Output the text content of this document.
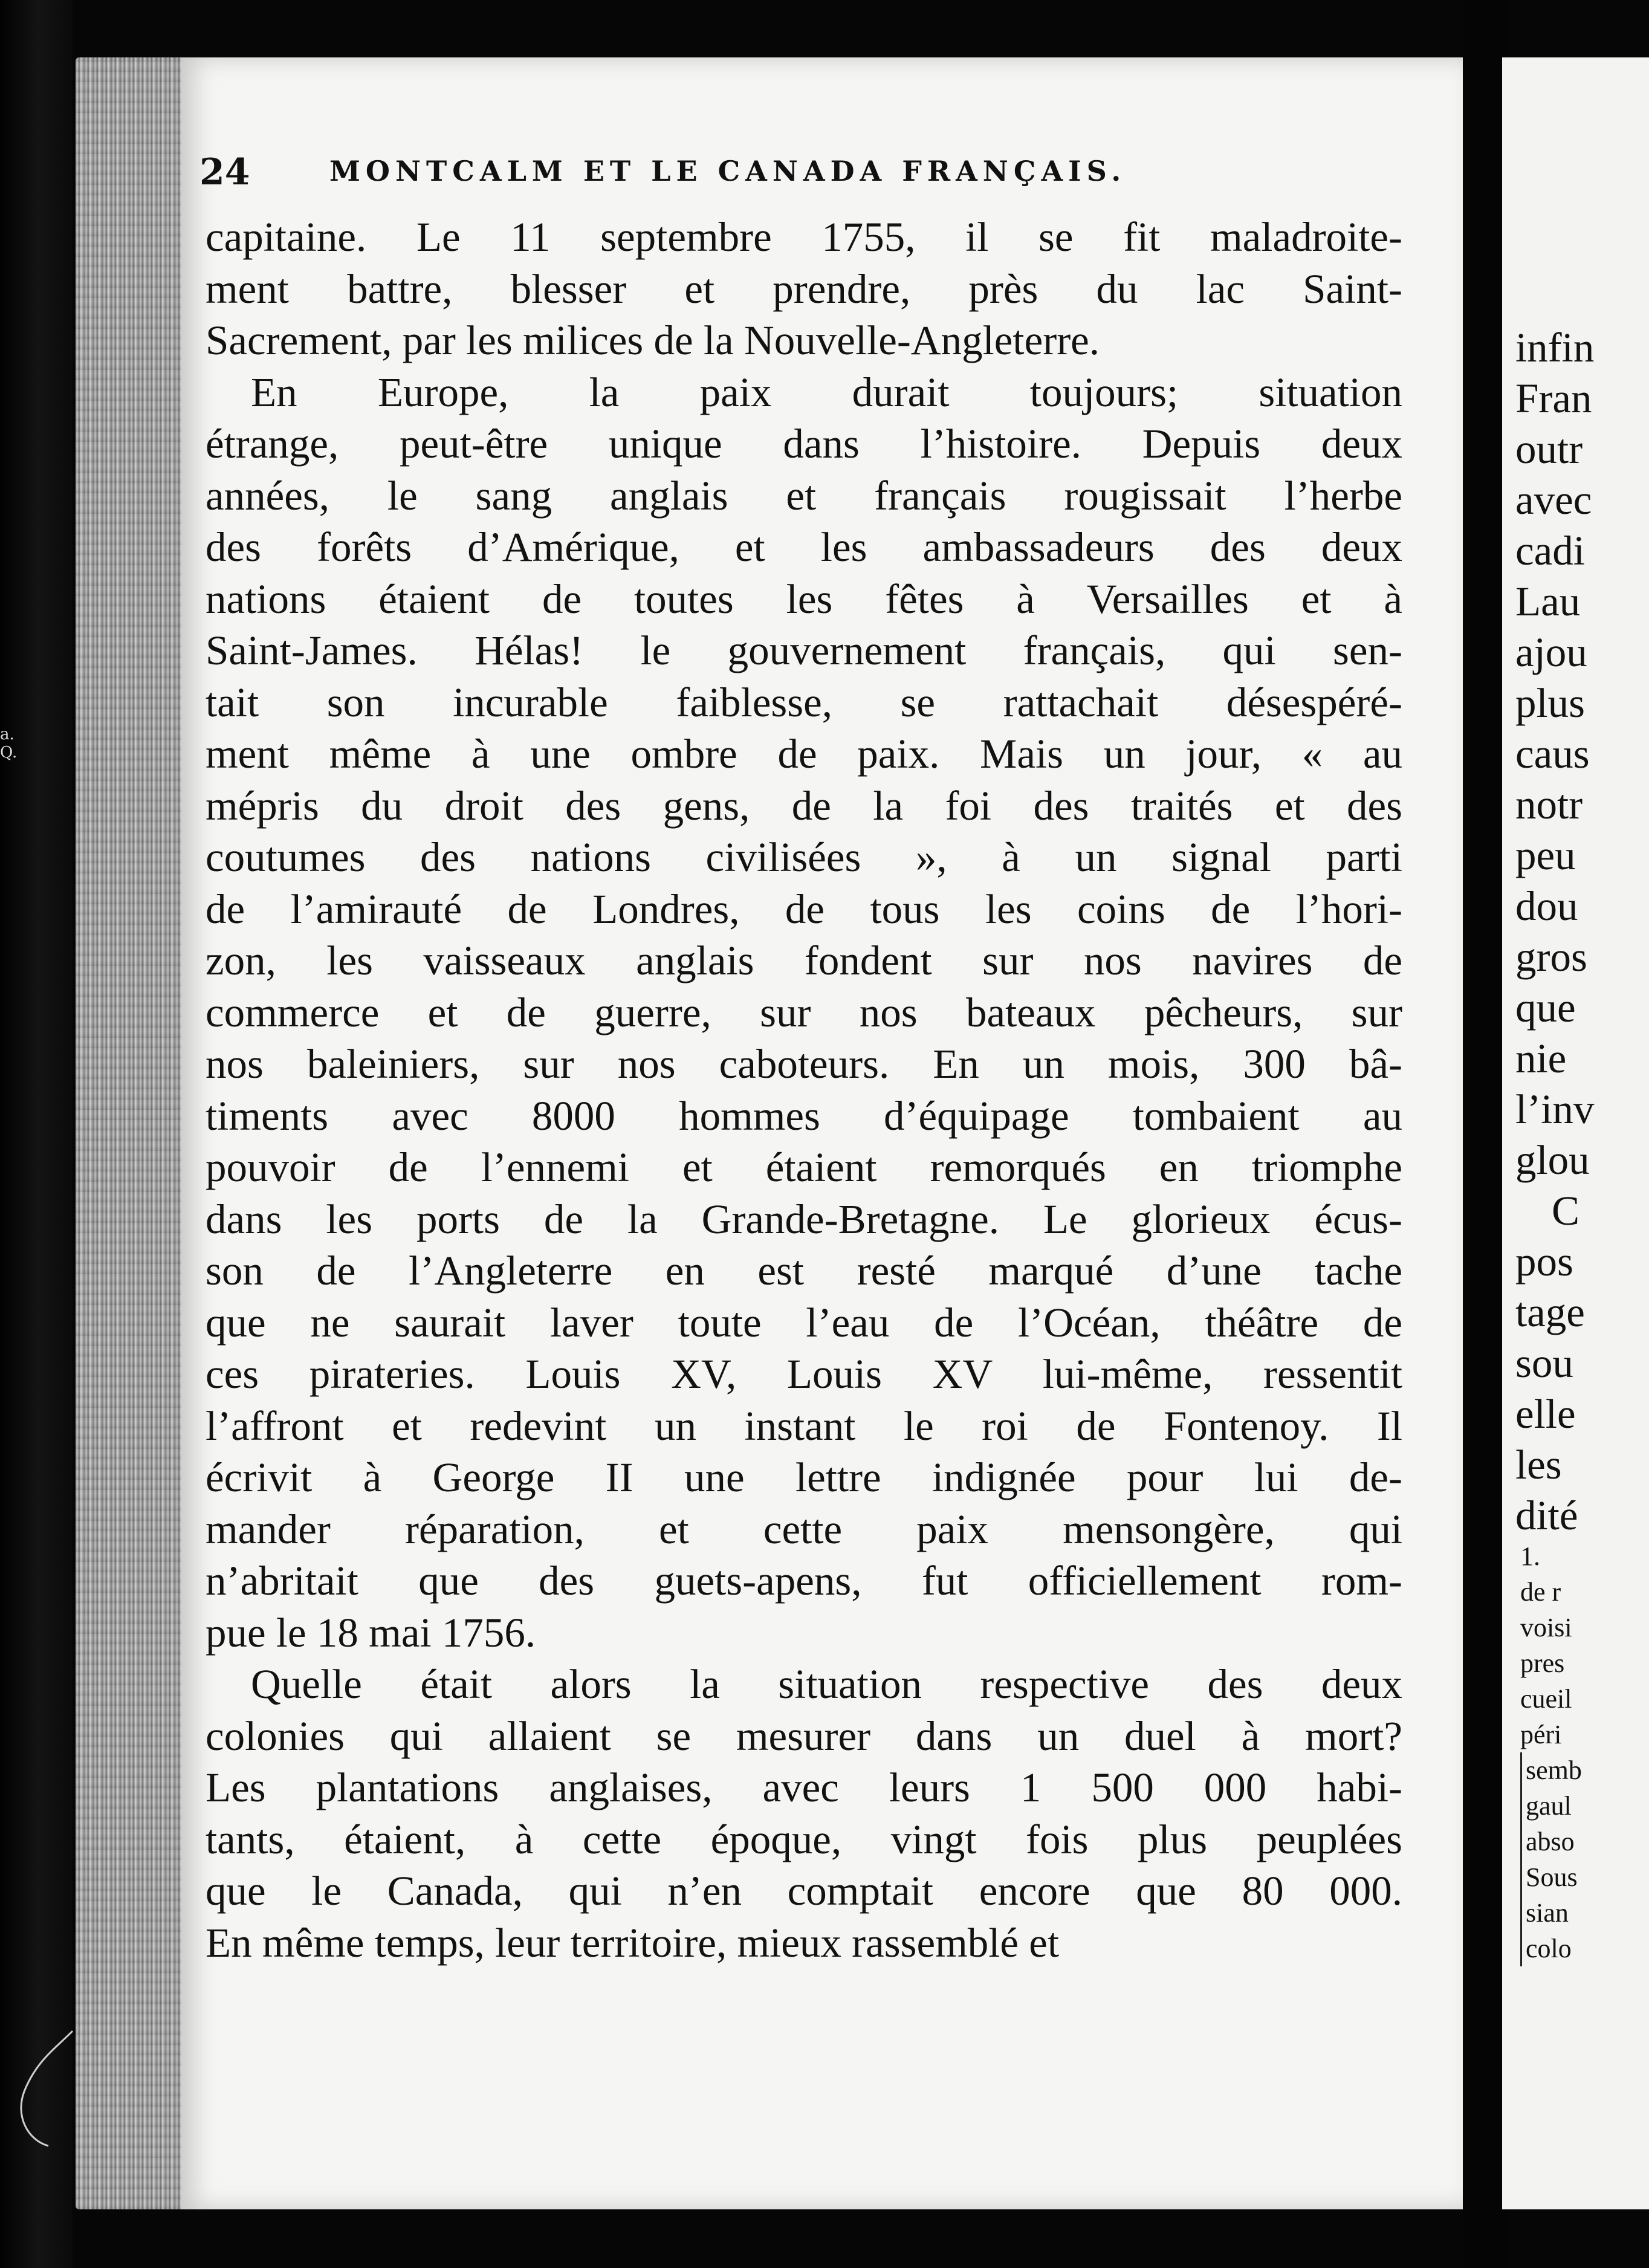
a.
Q.
24	MONTCALM ET LE CANADA FRANÇAIS.
capitaine. Le 11 septembre 1755, il se fit maladroite-
ment battre, blesser et prendre, près du lac Saint-
Sacrement, par les milices de la Nouvelle-Angleterre.
En Europe, la paix durait toujours; situation
étrange, peut-être unique dans l’histoire. Depuis deux
années, le sang anglais et français rougissait l’herbe
des forêts d’Amérique, et les ambassadeurs des deux
nations étaient de toutes les fêtes à Versailles et à
Saint-James. Hélas! le gouvernement français, qui sen-
tait son incurable faiblesse, se rattachait désespéré-
ment même à une ombre de paix. Mais un jour, « au
mépris du droit des gens, de la foi des traités et des
coutumes des nations civilisées », à un signal parti
de l’amirauté de Londres, de tous les coins de l’hori-
zon, les vaisseaux anglais fondent sur nos navires de
commerce et de guerre, sur nos bateaux pêcheurs, sur
nos baleiniers, sur nos caboteurs. En un mois, 300 bâ-
timents avec 8000 hommes d’équipage tombaient au
pouvoir de l’ennemi et étaient remorqués en triomphe
dans les ports de la Grande-Bretagne. Le glorieux écus-
son de l’Angleterre en est resté marqué d’une tache
que ne saurait laver toute l’eau de l’Océan, théâtre de
ces pirateries. Louis XV, Louis XV lui-même, ressentit
l’affront et redevint un instant le roi de Fontenoy. Il
écrivit à George II une lettre indignée pour lui de-
mander réparation, et cette paix mensongère, qui
n’abritait que des guets-apens, fut officiellement rom-
pue le 18 mai 1756.
Quelle était alors la situation respective des deux
colonies qui allaient se mesurer dans un duel à mort?
Les plantations anglaises, avec leurs 1 500 000 habi-
tants, étaient, à cette époque, vingt fois plus peuplées
que le Canada, qui n’en comptait encore que 80 000.
En même temps, leur territoire, mieux rassemblé et
infin
Fran
outr
avec
cadi
Lau
ajou
plus
caus
notr
peu
dou
gros
que
nie
l’inv
glou
C
pos
tage
sou
elle
les
dité
1.
de r
voisi
pres
cueil
péri
semb
gaul
abso
Sous
sian
colo
